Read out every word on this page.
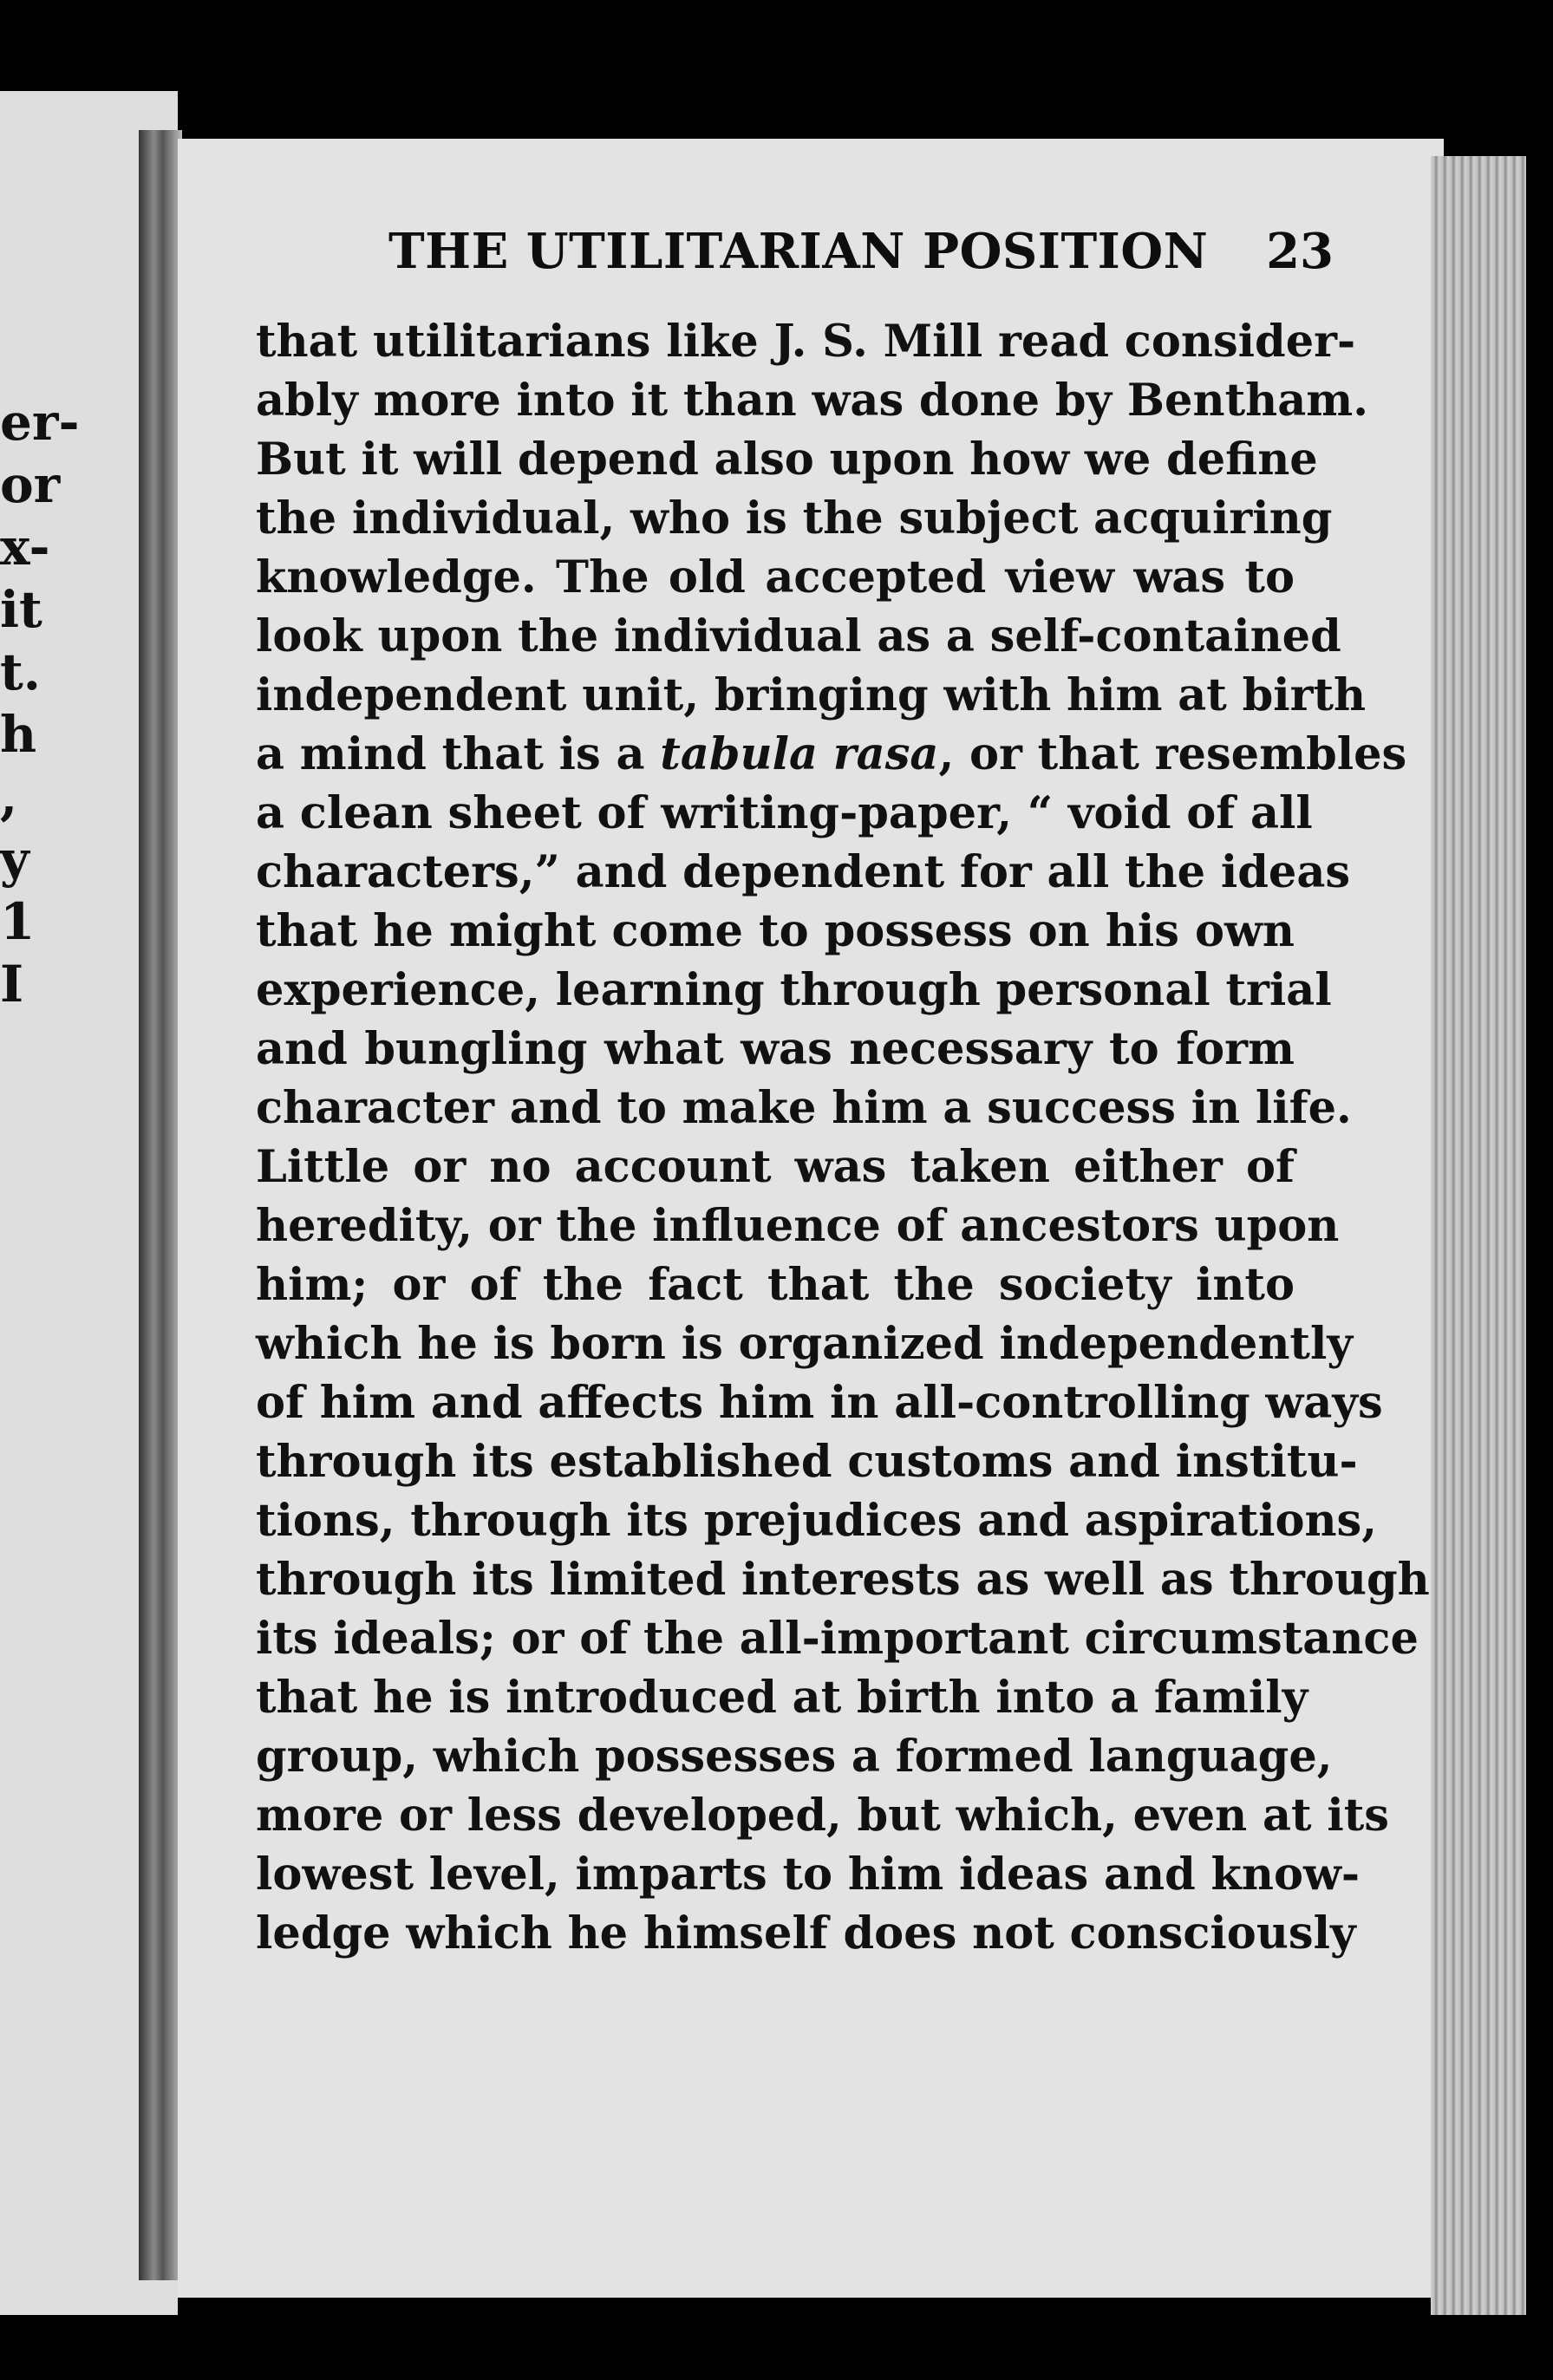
er-
or
x-
it
t.
h
,
y
1
I
THE UTILITARIAN POSITION 23
that utilitarians like J. S. Mill read consider-
ably more into it than was done by Bentham.
But it will depend also upon how we define
the individual, who is the subject acquiring
knowledge. The old accepted view was to
look upon the individual as a self-contained
independent unit, bringing with him at birth
a mind that is a tabula rasa, or that resembles
a clean sheet of writing-paper, “ void of all
characters,” and dependent for all the ideas
that he might come to possess on his own
experience, learning through personal trial
and bungling what was necessary to form
character and to make him a success in life.
Little or no account was taken either of
heredity, or the influence of ancestors upon
him; or of the fact that the society into
which he is born is organized independently
of him and affects him in all-controlling ways
through its established customs and institu-
tions, through its prejudices and aspirations,
through its limited interests as well as through
its ideals; or of the all-important circumstance
that he is introduced at birth into a family
group, which possesses a formed language,
more or less developed, but which, even at its
lowest level, imparts to him ideas and know-
ledge which he himself does not consciously
